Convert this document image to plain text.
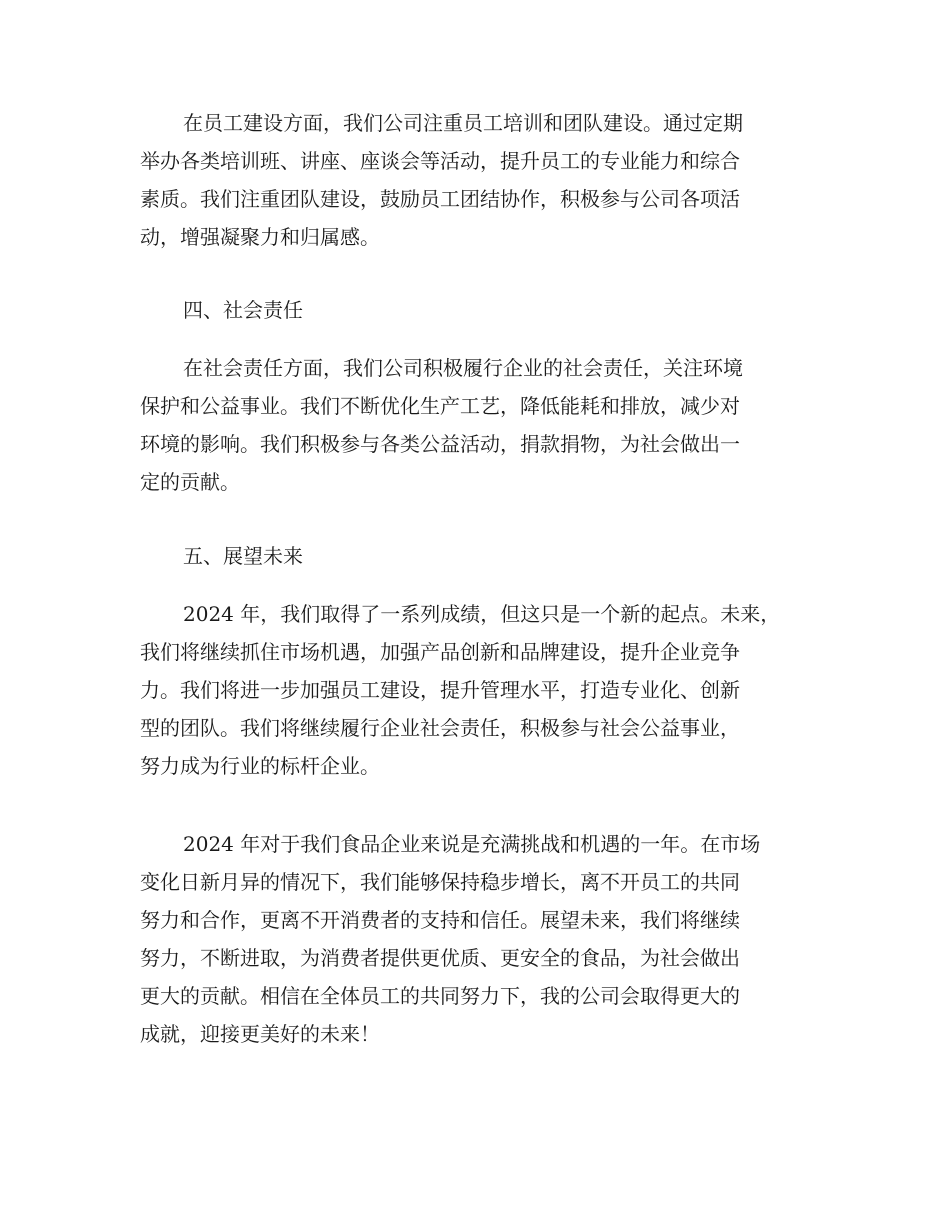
在员工建设方面，我们公司注重员工培训和团队建设。通过定期
举办各类培训班、讲座、座谈会等活动，提升员工的专业能力和综合
素质。我们注重团队建设，鼓励员工团结协作，积极参与公司各项活
动，增强凝聚力和归属感。
四、社会责任
在社会责任方面，我们公司积极履行企业的社会责任，关注环境
保护和公益事业。我们不断优化生产工艺，降低能耗和排放，减少对
环境的影响。我们积极参与各类公益活动，捐款捐物，为社会做出一
定的贡献。
五、展望未来
2024 年，我们取得了一系列成绩，但这只是一个新的起点。未来，
我们将继续抓住市场机遇，加强产品创新和品牌建设，提升企业竞争
力。我们将进一步加强员工建设，提升管理水平，打造专业化、创新
型的团队。我们将继续履行企业社会责任，积极参与社会公益事业，
努力成为行业的标杆企业。
2024 年对于我们食品企业来说是充满挑战和机遇的一年。在市场
变化日新月异的情况下，我们能够保持稳步增长，离不开员工的共同
努力和合作，更离不开消费者的支持和信任。展望未来，我们将继续
努力，不断进取，为消费者提供更优质、更安全的食品，为社会做出
更大的贡献。相信在全体员工的共同努力下，我的公司会取得更大的
成就，迎接更美好的未来！
